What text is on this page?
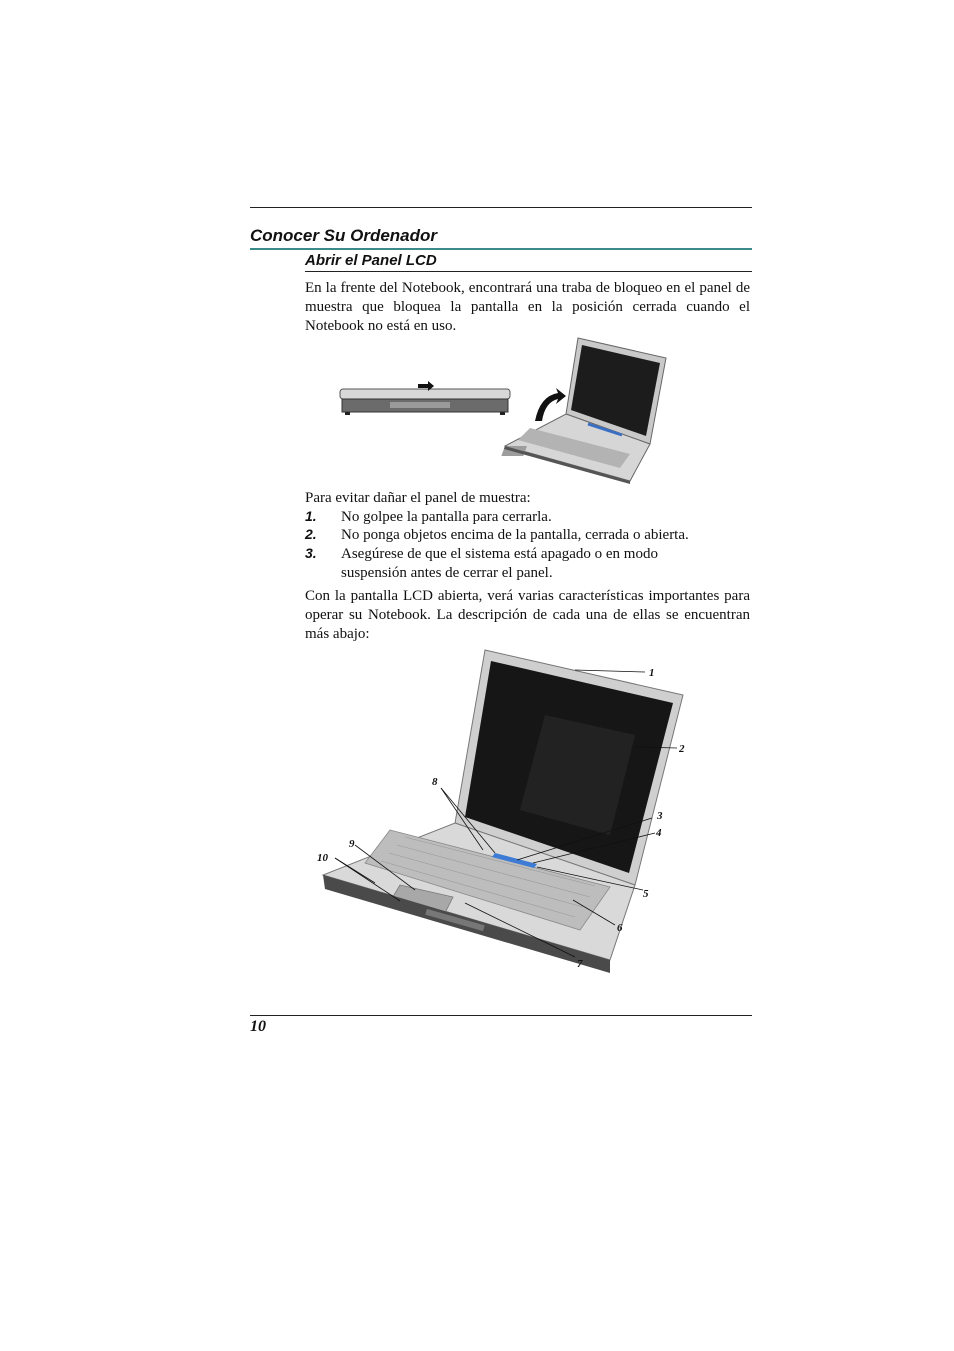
Conocer Su Ordenador
Abrir el Panel LCD
En la frente del Notebook, encontrará una traba de bloqueo en el panel de muestra que bloquea la pantalla en la posición cerrada cuando el Notebook no está en uso.
Para evitar dañar el panel de muestra:
1. No golpee la pantalla para cerrarla.
2. No ponga objetos encima de la pantalla, cerrada o abierta.
3. Asegúrese de que el sistema está apagado o en modo suspensión antes de cerrar el panel.
Con la pantalla LCD abierta, verá varias características importantes para operar su Notebook. La descripción de cada una de ellas se encuentran más abajo:
1
2
3
4
5
6
7
8
9
10
10
